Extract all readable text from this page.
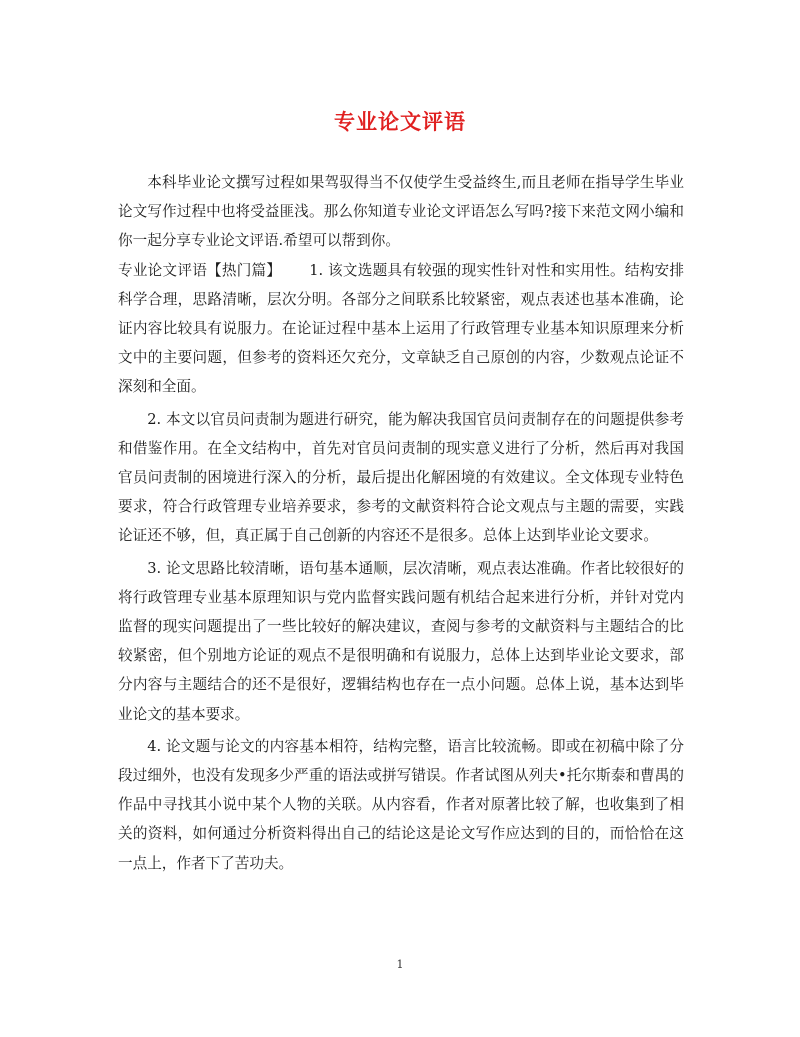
专业论文评语

本科毕业论文撰写过程如果驾驭得当不仅使学生受益终生,而且老师在指导学生毕业论文写作过程中也将受益匪浅。那么你知道专业论文评语怎么写吗?接下来范文网小编和你一起分享专业论文评语.希望可以帮到你。

专业论文评语【热门篇】 1. 该文选题具有较强的现实性针对性和实用性。结构安排科学合理，思路清晰，层次分明。各部分之间联系比较紧密，观点表述也基本准确，论证内容比较具有说服力。在论证过程中基本上运用了行政管理专业基本知识原理来分析文中的主要问题，但参考的资料还欠充分，文章缺乏自己原创的内容，少数观点论证不深刻和全面。

2. 本文以官员问责制为题进行研究，能为解决我国官员问责制存在的问题提供参考和借鉴作用。在全文结构中，首先对官员问责制的现实意义进行了分析，然后再对我国官员问责制的困境进行深入的分析，最后提出化解困境的有效建议。全文体现专业特色要求，符合行政管理专业培养要求，参考的文献资料符合论文观点与主题的需要，实践论证还不够，但，真正属于自己创新的内容还不是很多。总体上达到毕业论文要求。

3. 论文思路比较清晰，语句基本通顺，层次清晰，观点表达准确。作者比较很好的将行政管理专业基本原理知识与党内监督实践问题有机结合起来进行分析，并针对党内监督的现实问题提出了一些比较好的解决建议，查阅与参考的文献资料与主题结合的比较紧密，但个别地方论证的观点不是很明确和有说服力，总体上达到毕业论文要求，部分内容与主题结合的还不是很好，逻辑结构也存在一点小问题。总体上说，基本达到毕业论文的基本要求。

4. 论文题与论文的内容基本相符，结构完整，语言比较流畅。即或在初稿中除了分段过细外，也没有发现多少严重的语法或拼写错误。作者试图从列夫•托尔斯泰和曹禺的作品中寻找其小说中某个人物的关联。从内容看，作者对原著比较了解，也收集到了相关的资料，如何通过分析资料得出自己的结论这是论文写作应达到的目的，而恰恰在这一点上，作者下了苦功夫。

1
